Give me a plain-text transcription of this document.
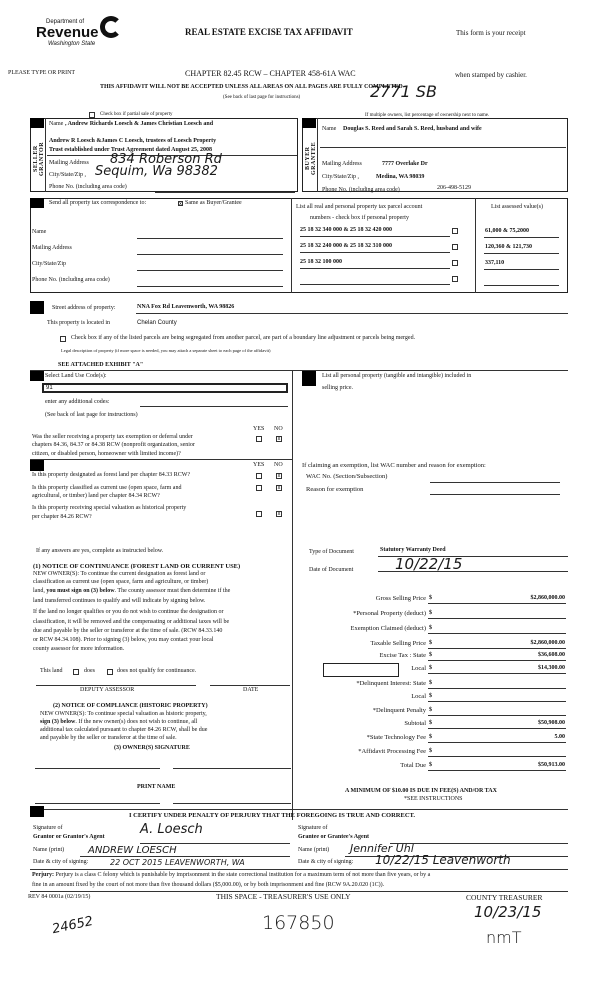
Department of
Revenue
Washington State
REAL ESTATE EXCISE TAX AFFIDAVIT	This form is your receipt
PLEASE TYPE OR PRINT	CHAPTER 82.45 RCW – CHAPTER 458-61A WAC	when stamped by cashier.
THIS AFFIDAVIT WILL NOT BE ACCEPTED UNLESS ALL AREAS ON ALL PAGES ARE FULLY COMPLETED
(See back of last page for instructions)	2771 SB
Check box if partial sale of property	If multiple owners, list percentage of ownership next to name.
SELLER GRANTOR
Name , Andrew Richards Loesch & James Christian Loesch and
Andrew R Loesch &James C Loesch, trustees of Loesch Property
Trust established under Trust Agreement dated August 25, 2008
Mailing Address 834 Roberson Rd
City/State/Zip , Sequim, Wa 98382
Phone No. (including area code)
BUYER GRANTEE
Name Douglas S. Reed and Sarah S. Reed, husband and wife
Mailing Address	7777 Overlake Dr
City/State/Zip ,	Medina, WA 98039
Phone No. (including area code)	206-498-5129
Send all property tax correspondence to:	x Same as Buyer/Grantee
Name
Mailing Address
City/State/Zip
Phone No. (including area code)
List all real and personal property tax parcel account
numbers - check box if personal property
List assessed value(s)
25 18 32 340 000 & 25 18 32 420 000	61,000 & 75,2000
25 18 32 240 000 & 25 18 32 310 000	120,360 & 121,730
25 18 32 100 000	337,110
Street address of property:	NNA Fox Rd Leavenworth, WA 98826
This property is located in	Chelan County
Check box if any of the listed parcels are being segregated from another parcel, are part of a boundary line adjustment or parcels being merged.
Legal description of property (if more space is needed, you may attach a separate sheet to each page of the affidavit)
SEE ATTACHED EXHIBIT "A"
Select Land Use Code(s):
91
enter any additional codes:
(See back of last page for instructions)
YES NO
Was the seller receiving a property tax exemption or deferral under
chapters 84.36, 84.37 or 84.38 RCW (nonprofit organization, senior
citizen, or disabled person, homeowner with limited income)?
x
List all personal property (tangible and intangible) included in
selling price.
YES NO
Is this property designated as forest land per chapter 84.33 RCW?	x
Is this property classified as current use (open space, farm and
agricultural, or timber) land per chapter 84.34 RCW?
x
Is this property receiving special valuation as historical property
per chapter 84.26 RCW?	x
If any answers are yes, complete as instructed below.
(1) NOTICE OF CONTINUANCE (FOREST LAND OR CURRENT USE)
NEW OWNER(S): To continue the current designation as forest land or
classification as current use (open space, farm and agriculture, or timber)
land, you must sign on (3) below. The county assessor must then determine if the
land transferred continues to qualify and will indicate by signing below.
If the land no longer qualifies or you do not wish to continue the designation or
classification, it will be removed and the compensating or additional taxes will be
due and payable by the seller or transferor at the time of sale. (RCW 84.33.140
or RCW 84.34.108). Prior to signing (3) below, you may contact your local
county assessor for more information.
This land	does	does not qualify for continuance.
DEPUTY ASSESSOR	DATE
(2) NOTICE OF COMPLIANCE (HISTORIC PROPERTY)
NEW OWNER(S): To continue special valuation as historic property,
sign (3) below. If the new owner(s) does not wish to continue, all
additional tax calculated pursuant to chapter 84.26 RCW, shall be due
and payable by the seller or transferor at the time of sale.
(3) OWNER(S) SIGNATURE
PRINT NAME
If claiming an exemption, list WAC number and reason for exemption:
WAC No. (Section/Subsection)
Reason for exemption
Type of Document	Statutory Warranty Deed
Date of Document	10/22/15
Gross Selling Price $	$2,860,000.00
*Personal Property (deduct) $
Exemption Claimed (deduct) $
Taxable Selling Price $	$2,860,000.00
Excise Tax : State $	$36,608.00
Local $	$14,300.00
*Delinquent Interest: State $
Local $
*Delinquent Penalty $
Subtotal $	$50,908.00
*State Technology Fee $	5.00
*Affidavit Processing Fee $
Total Due $	$50,913.00
A MINIMUM OF $10.00 IS DUE IN FEE(S) AND/OR TAX
*SEE INSTRUCTIONS
I CERTIFY UNDER PENALTY OF PERJURY THAT THE FOREGOING IS TRUE AND CORRECT.
Signature of
Grantor or Grantor's Agent	A. Loesch
Name (print) ANDREW LOESCH
Date & city of signing:	22 OCT 2015 LEAVENWORTH, WA
Signature of
Grantee or Grantee's Agent
Name (print) Jennifer Uhl
Date & city of signing: 10/22/15 Leavenworth
Perjury: Perjury is a class C felony which is punishable by imprisonment in the state correctional institution for a maximum term of not more than five years, or by a
fine in an amount fixed by the court of not more than five thousand dollars ($5,000.00), or by both imprisonment and fine (RCW 9A.20.020 (1C)).
REV 84 0001a (02/19/15)	THIS SPACE - TREASURER'S USE ONLY	COUNTY TREASURER
24652	167850	10/23/15
nmT
